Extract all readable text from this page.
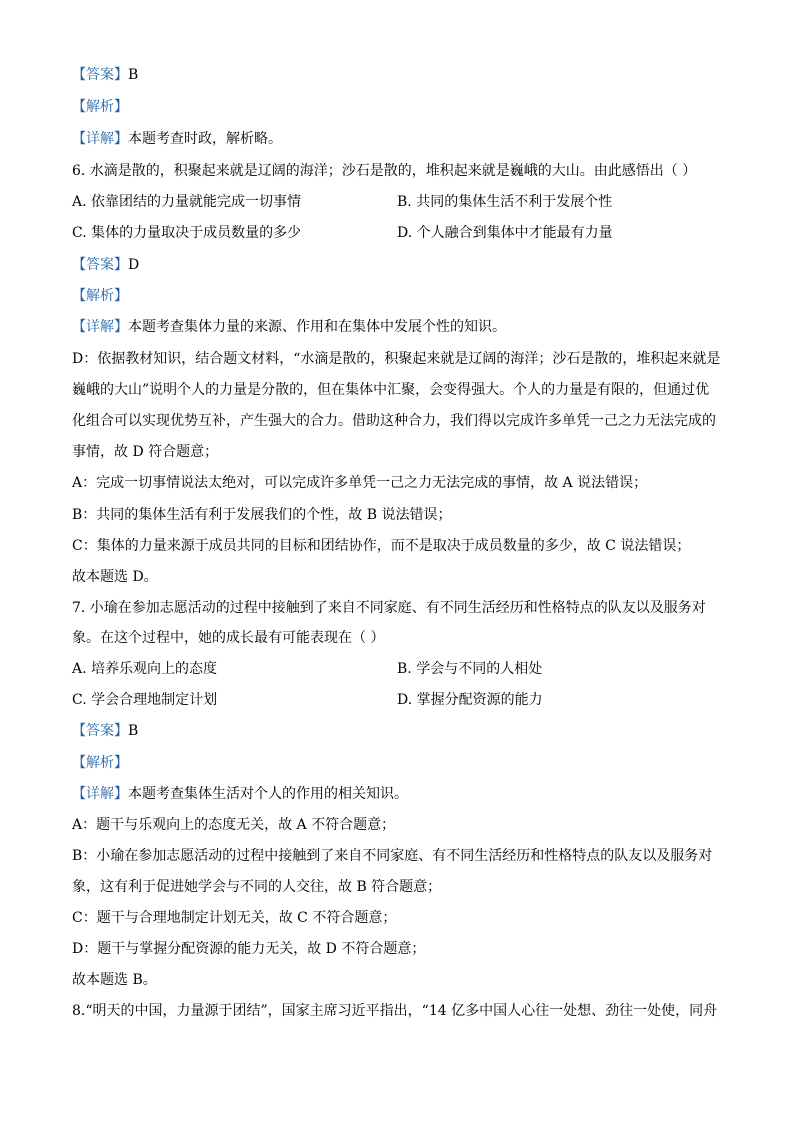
【答案】B
【解析】
【详解】本题考查时政，解析略。
6. 水滴是散的，积聚起来就是辽阔的海洋；沙石是散的，堆积起来就是巍峨的大山。由此感悟出（ ）
A. 依靠团结的力量就能完成一切事情	B. 共同的集体生活不利于发展个性
C. 集体的力量取决于成员数量的多少	D. 个人融合到集体中才能最有力量
【答案】D
【解析】
【详解】本题考查集体力量的来源、作用和在集体中发展个性的知识。
D：依据教材知识，结合题文材料，“水滴是散的，积聚起来就是辽阔的海洋；沙石是散的，堆积起来就是
巍峨的大山”说明个人的力量是分散的，但在集体中汇聚，会变得强大。个人的力量是有限的，但通过优
化组合可以实现优势互补，产生强大的合力。借助这种合力，我们得以完成许多单凭一己之力无法完成的
事情，故 D 符合题意；
A：完成一切事情说法太绝对，可以完成许多单凭一己之力无法完成的事情，故 A 说法错误；
B：共同的集体生活有利于发展我们的个性，故 B 说法错误；
C：集体的力量来源于成员共同的目标和团结协作，而不是取决于成员数量的多少，故 C 说法错误；
故本题选 D。
7. 小瑜在参加志愿活动的过程中接触到了来自不同家庭、有不同生活经历和性格特点的队友以及服务对
象。在这个过程中，她的成长最有可能表现在（ ）
A. 培养乐观向上的态度	B. 学会与不同的人相处
C. 学会合理地制定计划	D. 掌握分配资源的能力
【答案】B
【解析】
【详解】本题考查集体生活对个人的作用的相关知识。
A：题干与乐观向上的态度无关，故 A 不符合题意；
B：小瑜在参加志愿活动的过程中接触到了来自不同家庭、有不同生活经历和性格特点的队友以及服务对
象，这有利于促进她学会与不同的人交往，故 B 符合题意；
C：题干与合理地制定计划无关，故 C 不符合题意；
D：题干与掌握分配资源的能力无关，故 D 不符合题意；
故本题选 B。
8.“明天的中国，力量源于团结”，国家主席习近平指出，“14 亿多中国人心往一处想、劲往一处使，同舟
